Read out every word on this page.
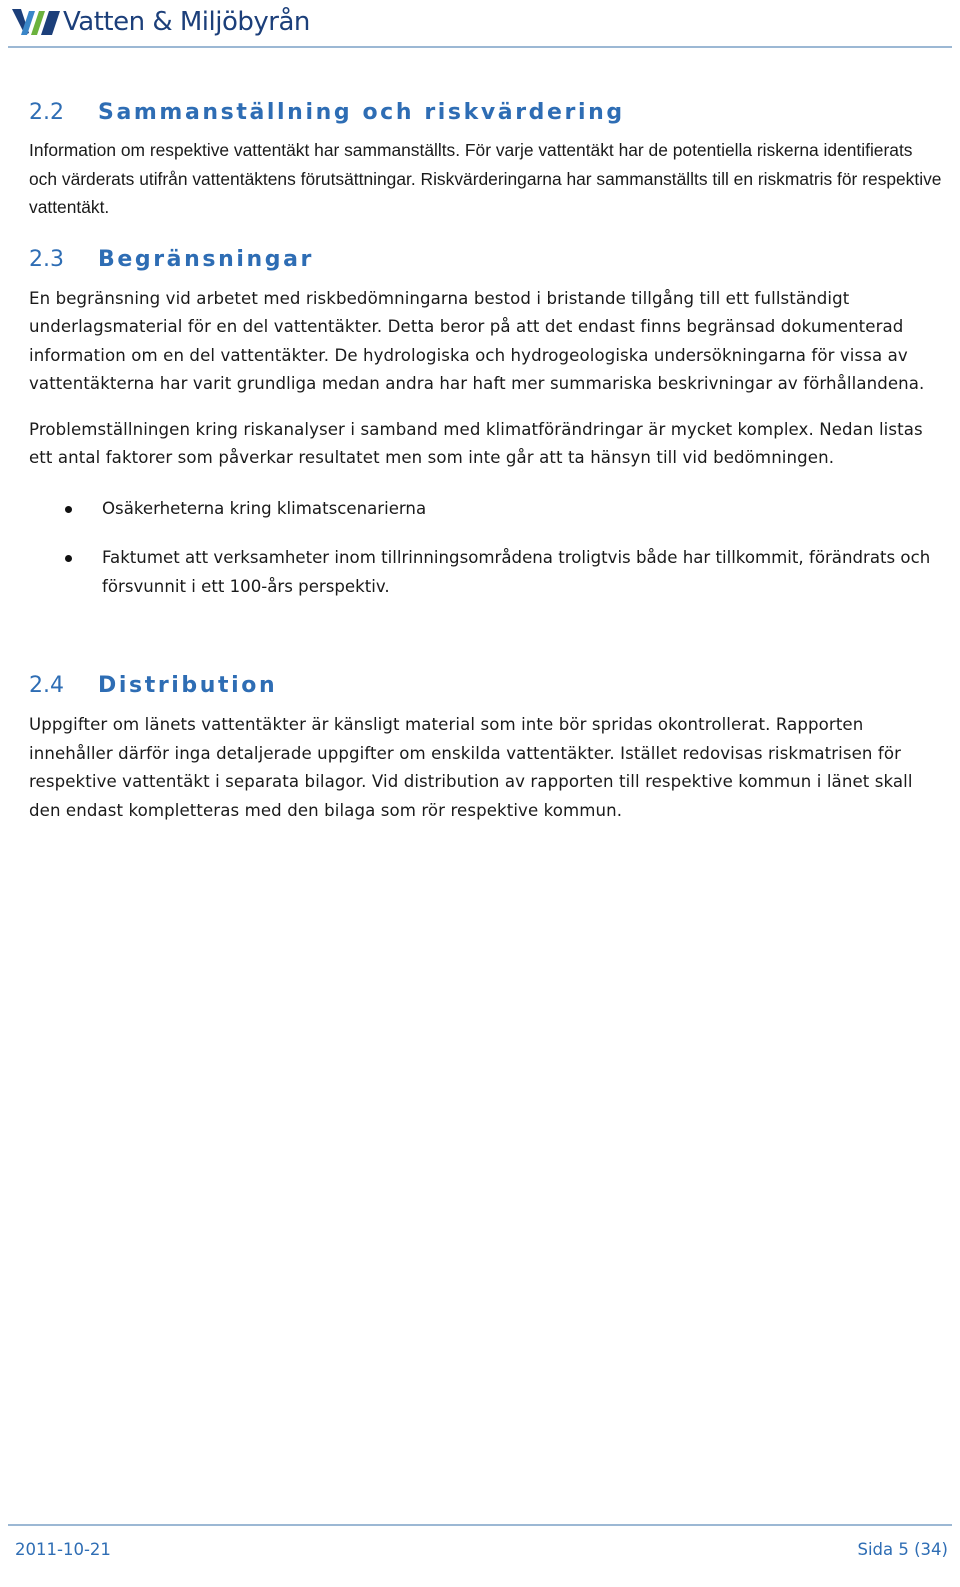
Vatten & Miljöbyrån
2.2	Sammanställning och riskvärdering

Information om respektive vattentäkt har sammanställts. För varje vattentäkt har de potentiella riskerna identifierats och värderats utifrån vattentäktens förutsättningar. Riskvärderingarna har sammanställts till en riskmatris för respektive vattentäkt.

2.3	Begränsningar

En begränsning vid arbetet med riskbedömningarna bestod i bristande tillgång till ett fullständigt underlagsmaterial för en del vattentäkter. Detta beror på att det endast finns begränsad dokumenterad information om en del vattentäkter. De hydrologiska och hydrogeologiska undersökningarna för vissa av vattentäkterna har varit grundliga medan andra har haft mer summariska beskrivningar av förhållandena.

Problemställningen kring riskanalyser i samband med klimatförändringar är mycket komplex. Nedan listas ett antal faktorer som påverkar resultatet men som inte går att ta hänsyn till vid bedömningen.

Osäkerheterna kring klimatscenarierna
Faktumet att verksamheter inom tillrinningsområdena troligtvis både har tillkommit, förändrats och försvunnit i ett 100-års perspektiv.
2.4	Distribution

Uppgifter om länets vattentäkter är känsligt material som inte bör spridas okontrollerat. Rapporten innehåller därför inga detaljerade uppgifter om enskilda vattentäkter. Istället redovisas riskmatrisen för respektive vattentäkt i separata bilagor. Vid distribution av rapporten till respektive kommun i länet skall den endast kompletteras med den bilaga som rör respektive kommun.

2011-10-21	Sida 5 (34)
